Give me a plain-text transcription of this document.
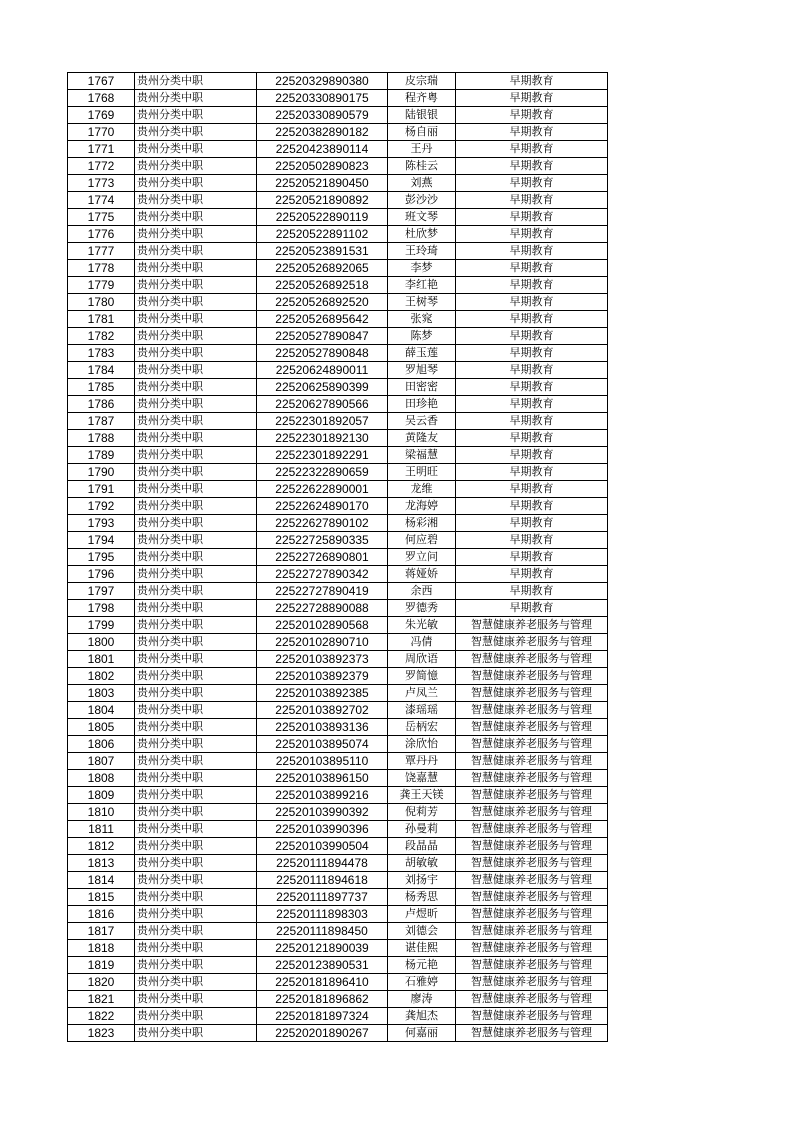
1767	贵州分类中职	22520329890380	皮宗瑞	早期教育
1768	贵州分类中职	22520330890175	程齐粤	早期教育
1769	贵州分类中职	22520330890579	陆银银	早期教育
1770	贵州分类中职	22520382890182	杨自丽	早期教育
1771	贵州分类中职	22520423890114	王丹	早期教育
1772	贵州分类中职	22520502890823	陈桂云	早期教育
1773	贵州分类中职	22520521890450	刘燕	早期教育
1774	贵州分类中职	22520521890892	彭沙沙	早期教育
1775	贵州分类中职	22520522890119	班文琴	早期教育
1776	贵州分类中职	22520522891102	杜欣梦	早期教育
1777	贵州分类中职	22520523891531	王玲琦	早期教育
1778	贵州分类中职	22520526892065	李梦	早期教育
1779	贵州分类中职	22520526892518	李红艳	早期教育
1780	贵州分类中职	22520526892520	王树琴	早期教育
1781	贵州分类中职	22520526895642	张窕	早期教育
1782	贵州分类中职	22520527890847	陈梦	早期教育
1783	贵州分类中职	22520527890848	薛玉莲	早期教育
1784	贵州分类中职	22520624890011	罗旭琴	早期教育
1785	贵州分类中职	22520625890399	田密密	早期教育
1786	贵州分类中职	22520627890566	田珍艳	早期教育
1787	贵州分类中职	22522301892057	吴云香	早期教育
1788	贵州分类中职	22522301892130	黄隆友	早期教育
1789	贵州分类中职	22522301892291	梁福慧	早期教育
1790	贵州分类中职	22522322890659	王明旺	早期教育
1791	贵州分类中职	22522622890001	龙维	早期教育
1792	贵州分类中职	22522624890170	龙海婷	早期教育
1793	贵州分类中职	22522627890102	杨彩湘	早期教育
1794	贵州分类中职	22522725890335	何应碧	早期教育
1795	贵州分类中职	22522726890801	罗立问	早期教育
1796	贵州分类中职	22522727890342	蒋娅娇	早期教育
1797	贵州分类中职	22522727890419	余西	早期教育
1798	贵州分类中职	22522728890088	罗德秀	早期教育
1799	贵州分类中职	22520102890568	朱光敏	智慧健康养老服务与管理
1800	贵州分类中职	22520102890710	冯倩	智慧健康养老服务与管理
1801	贵州分类中职	22520103892373	周欣语	智慧健康养老服务与管理
1802	贵州分类中职	22520103892379	罗简憶	智慧健康养老服务与管理
1803	贵州分类中职	22520103892385	卢凤兰	智慧健康养老服务与管理
1804	贵州分类中职	22520103892702	漆瑶瑶	智慧健康养老服务与管理
1805	贵州分类中职	22520103893136	岳柄宏	智慧健康养老服务与管理
1806	贵州分类中职	22520103895074	涂欣怡	智慧健康养老服务与管理
1807	贵州分类中职	22520103895110	覃丹丹	智慧健康养老服务与管理
1808	贵州分类中职	22520103896150	饶嘉慧	智慧健康养老服务与管理
1809	贵州分类中职	22520103899216	龚王天镁	智慧健康养老服务与管理
1810	贵州分类中职	22520103990392	倪莉芳	智慧健康养老服务与管理
1811	贵州分类中职	22520103990396	孙曼莉	智慧健康养老服务与管理
1812	贵州分类中职	22520103990504	段晶晶	智慧健康养老服务与管理
1813	贵州分类中职	22520111894478	胡敏敏	智慧健康养老服务与管理
1814	贵州分类中职	22520111894618	刘扬宇	智慧健康养老服务与管理
1815	贵州分类中职	22520111897737	杨秀思	智慧健康养老服务与管理
1816	贵州分类中职	22520111898303	卢煜昕	智慧健康养老服务与管理
1817	贵州分类中职	22520111898450	刘德会	智慧健康养老服务与管理
1818	贵州分类中职	22520121890039	谌佳熙	智慧健康养老服务与管理
1819	贵州分类中职	22520123890531	杨元艳	智慧健康养老服务与管理
1820	贵州分类中职	22520181896410	石雅婷	智慧健康养老服务与管理
1821	贵州分类中职	22520181896862	廖涛	智慧健康养老服务与管理
1822	贵州分类中职	22520181897324	龚旭杰	智慧健康养老服务与管理
1823	贵州分类中职	22520201890267	何嘉丽	智慧健康养老服务与管理
